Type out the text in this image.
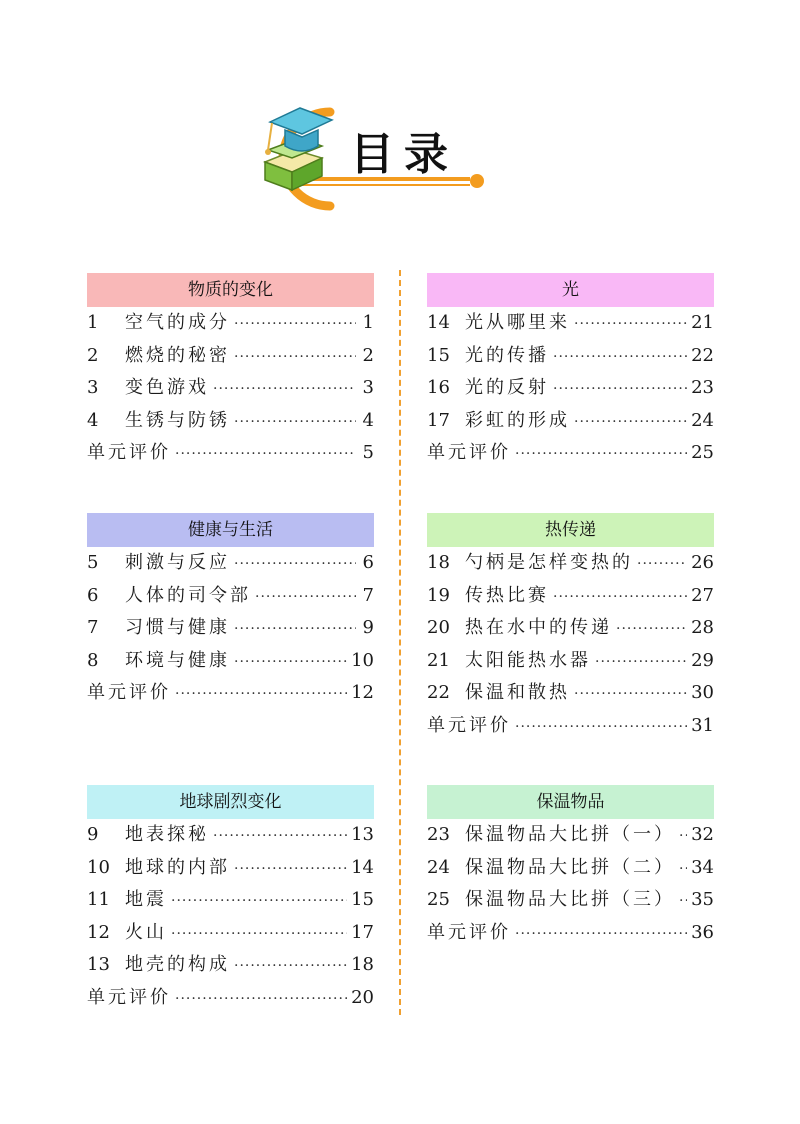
目录
物质的变化
1	空气的成分 ·····	1
2	燃烧的秘密 ·····	2
3	变色游戏 ·····	3
4	生锈与防锈 ·····	4
单元评价 ·····	5
健康与生活
5	刺激与反应 ·····	6
6	人体的司令部 ·····	7
7	习惯与健康 ·····	9
8	环境与健康 ·····	10
单元评价 ·····	12
地球剧烈变化
9	地表探秘 ·····	13
10 地球的内部 ·····	14
11 地震 ·····	15
12 火山 ·····	17
13 地壳的构成 ·····	18
单元评价 ·····	20
光
14 光从哪里来 ·····	21
15 光的传播 ·····	22
16 光的反射 ·····	23
17 彩虹的形成 ·····	24
单元评价 ·····	25
热传递
18 勺柄是怎样变热的 ·····	26
19 传热比赛 ·····	27
20 热在水中的传递 ·····	28
21 太阳能热水器 ·····	29
22 保温和散热 ·····	30
单元评价 ·····	31
保温物品
23 保温物品大比拼（一） ····· 32
24 保温物品大比拼（二） ····· 34
25 保温物品大比拼（三） ····· 35
单元评价 ·····	36
